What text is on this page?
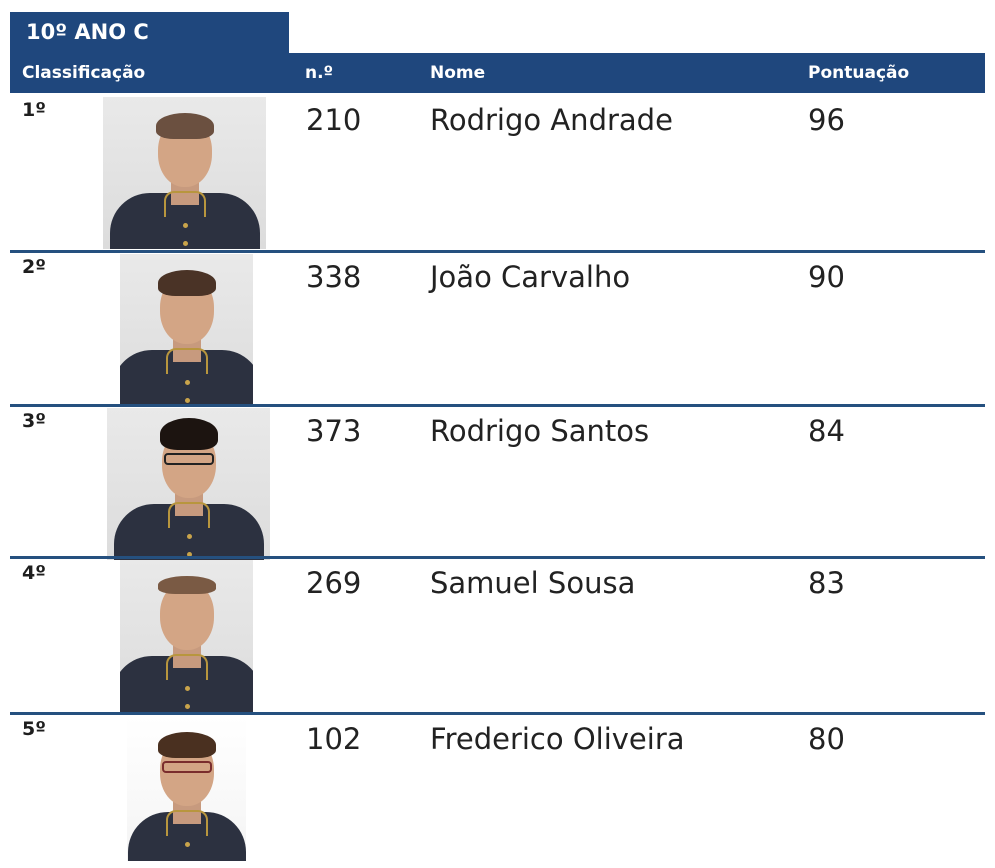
10º ANO C
Classificação	n.º	Nome	Pontuação
1º	210 Rodrigo Andrade	96
2º	338 João Carvalho	90
3º	373 Rodrigo Santos	84
4º	269 Samuel Sousa	83
5º	102 Frederico Oliveira	80
